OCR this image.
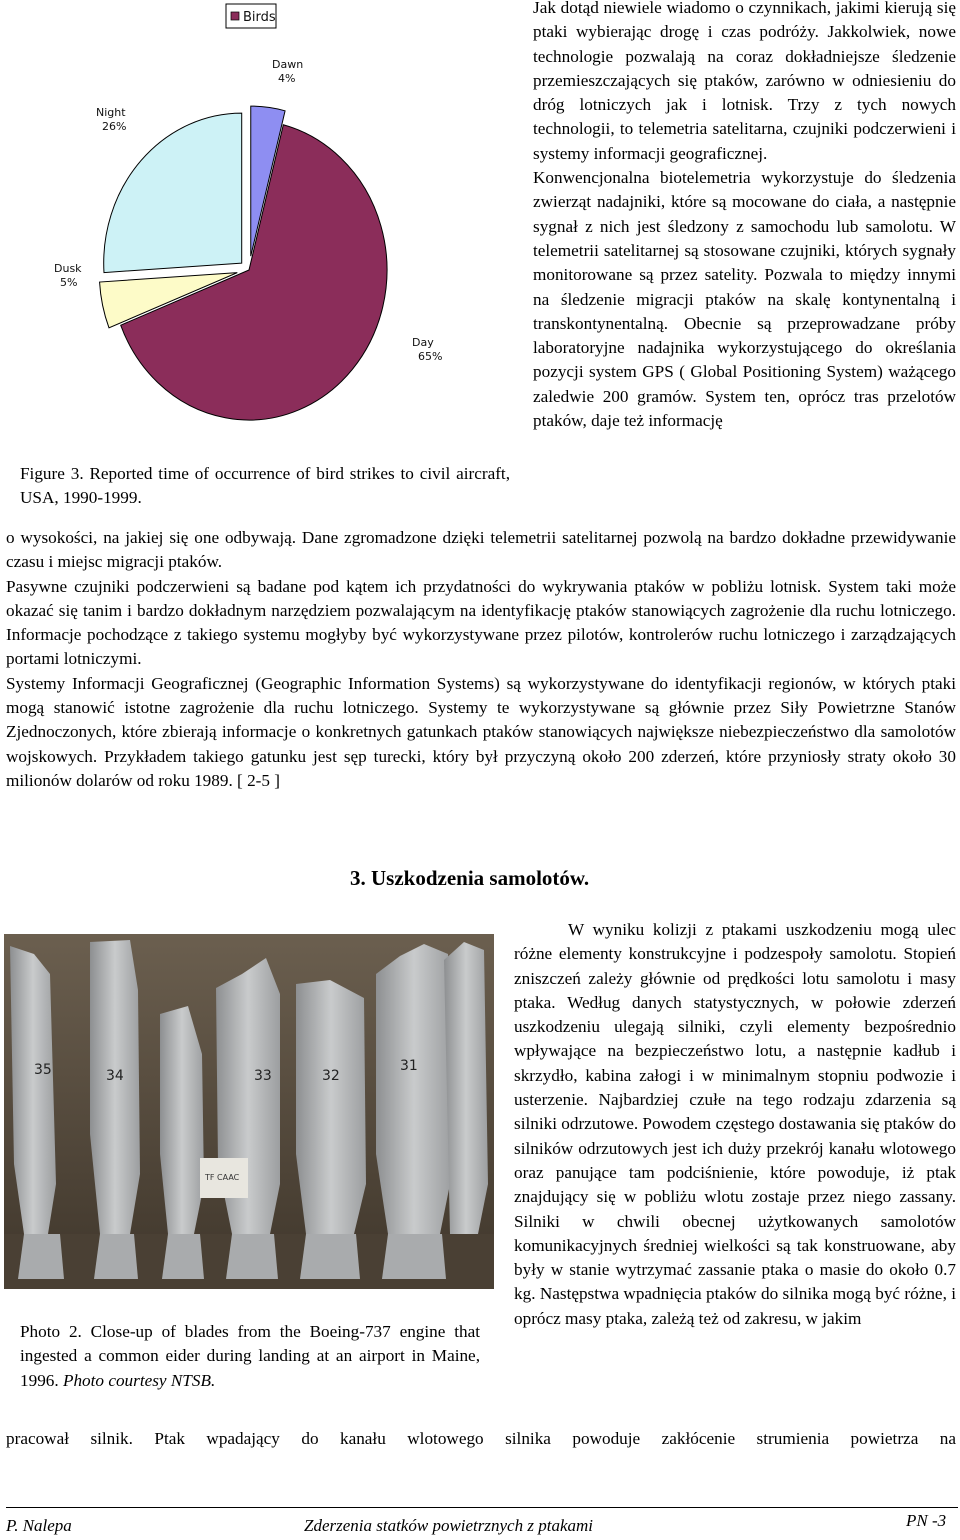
Birds
Dawn
4%
Day
65%
Dusk
5%
Night
26%
Figure 3. Reported time of occurrence of bird strikes to civil aircraft, USA, 1990-1999.

Jak dotąd niewiele wiadomo o czynnikach, jakimi kierują się ptaki wybierając drogę i czas podróży. Jakkolwiek, nowe technologie pozwalają na coraz dokładniejsze śledzenie przemieszczających się ptaków, zarówno w odniesieniu do dróg lotniczych jak i lotnisk. Trzy z tych nowych technologii, to telemetria satelitarna, czujniki podczerwieni i systemy informacji geograficznej.

Konwencjonalna biotelemetria wykorzystuje do śledzenia zwierząt nadajniki, które są mocowane do ciała, a następnie sygnał z nich jest śledzony z samochodu lub samolotu. W telemetrii satelitarnej są stosowane czujniki, których sygnały monitorowane są przez satelity. Pozwala to między innymi na śledzenie migracji ptaków na skalę kontynentalną i transkontynentalną. Obecnie są przeprowadzane próby laboratoryjne nadajnika wykorzystującego do określania pozycji system GPS ( Global Positioning System) ważącego zaledwie 200 gramów. System ten, oprócz tras przelotów ptaków, daje też informację

o wysokości, na jakiej się one odbywają. Dane zgromadzone dzięki telemetrii satelitarnej pozwolą na bardzo dokładne przewidywanie czasu i miejsc migracji ptaków.

Pasywne czujniki podczerwieni są badane pod kątem ich przydatności do wykrywania ptaków w pobliżu lotnisk. System taki może okazać się tanim i bardzo dokładnym narzędziem pozwalającym na identyfikację ptaków stanowiących zagrożenie dla ruchu lotniczego. Informacje pochodzące z takiego systemu mogłyby być wykorzystywane przez pilotów, kontrolerów ruchu lotniczego i zarządzających portami lotniczymi.

Systemy Informacji Geograficznej (Geographic Information Systems) są wykorzystywane do identyfikacji regionów, w których ptaki mogą stanowić istotne zagrożenie dla ruchu lotniczego. Systemy te wykorzystywane są głównie przez Siły Powietrzne Stanów Zjednoczonych, które zbierają informacje o konkretnych gatunkach ptaków stanowiących największe niebezpieczeństwo dla samolotów wojskowych. Przykładem takiego gatunku jest sęp turecki, który był przyczyną około 200 zderzeń, które przyniosły straty około 30 milionów dolarów od roku 1989. [ 2-5 ]

3. Uszkodzenia samolotów.
35	34	33	32
31
TF CAAC
Photo 2. Close-up of blades from the Boeing-737 engine that ingested a common eider during landing at an airport in Maine, 1996. Photo courtesy NTSB.

W wyniku kolizji z ptakami uszkodzeniu mogą ulec różne elementy konstrukcyjne i podzespoły samolotu. Stopień zniszczeń zależy głównie od prędkości lotu samolotu i masy ptaka. Według danych statystycznych, w połowie zderzeń uszkodzeniu ulegają silniki, czyli elementy bezpośrednio wpływające na bezpieczeństwo lotu, a następnie kadłub i skrzydło, kabina załogi i w minimalnym stopniu podwozie i usterzenie. Najbardziej czułe na tego rodzaju zdarzenia są silniki odrzutowe. Powodem częstego dostawania się ptaków do silników odrzutowych jest ich duży przekrój kanału wlotowego oraz panujące tam podciśnienie, które powoduje, iż ptak znajdujący się w pobliżu wlotu zostaje przez niego zassany. Silniki w chwili obecnej użytkowanych samolotów komunikacyjnych średniej wielkości są tak konstruowane, aby były w stanie wytrzymać zassanie ptaka o masie do około 0.7 kg. Następstwa wpadnięcia ptaków do silnika mogą być różne, i oprócz masy ptaka, zależą też od zakresu, w jakim

pracował silnik. Ptak wpadający do kanału wlotowego silnika powoduje zakłócenie strumienia powietrza na

P. Nalepa	Zderzenia statków powietrznych z ptakami	PN -3
